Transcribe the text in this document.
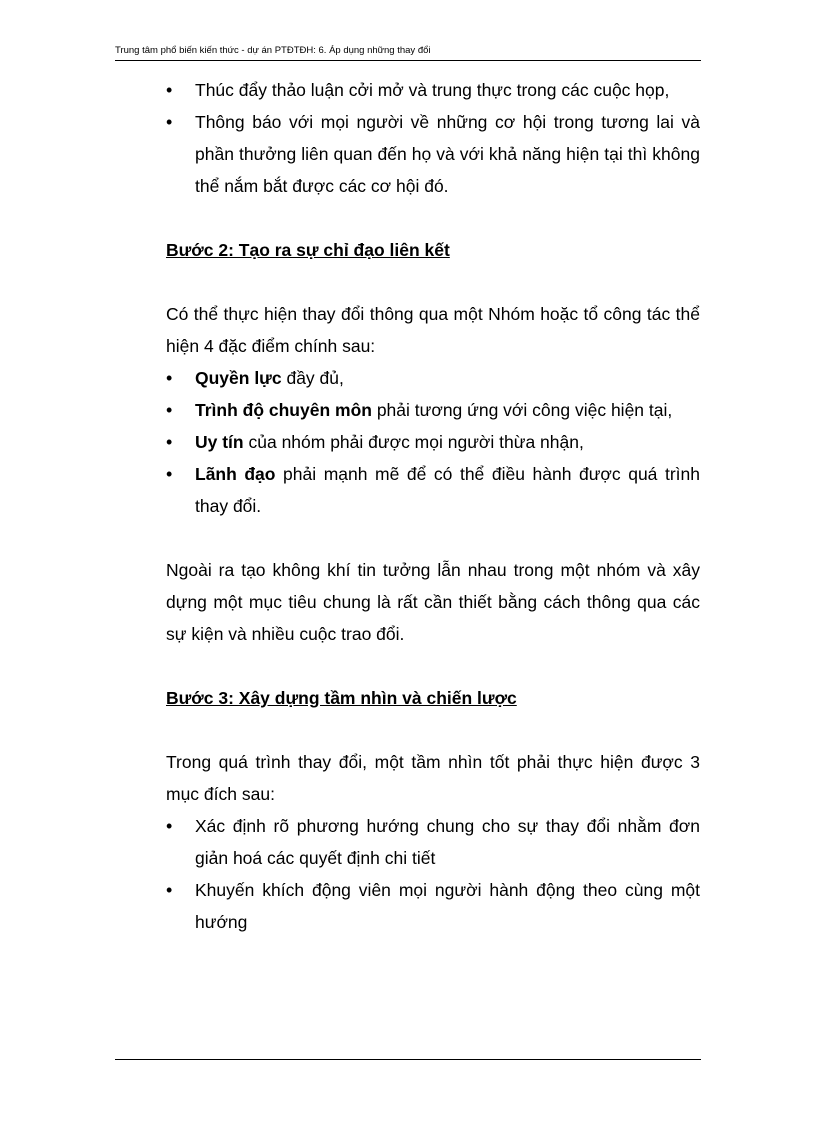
Trung tâm phổ biến kiến thức - dự án PTĐTĐH: 6. Áp dụng những thay đổi
• Thúc đẩy thảo luận cởi mở và trung thực trong các cuộc họp,
• Thông báo với mọi người về những cơ hội trong tương lai và phần thưởng liên quan đến họ và với khả năng hiện tại thì không thể nắm bắt được các cơ hội đó.

Bước 2: Tạo ra sự chỉ đạo liên kết

Có thể thực hiện thay đổi thông qua một Nhóm hoặc tổ công tác thể hiện 4 đặc điểm chính sau:

• Quyền lực đầy đủ,
• Trình độ chuyên môn phải tương ứng với công việc hiện tại,
• Uy tín của nhóm phải được mọi người thừa nhận,
• Lãnh đạo phải mạnh mẽ để có thể điều hành được quá trình thay đổi.

Ngoài ra tạo không khí tin tưởng lẫn nhau trong một nhóm và xây dựng một mục tiêu chung là rất cần thiết bằng cách thông qua các sự kiện và nhiều cuộc trao đổi.

Bước 3: Xây dựng tầm nhìn và chiến lược

Trong quá trình thay đổi, một tầm nhìn tốt phải thực hiện được 3 mục đích sau:

• Xác định rõ phương hướng chung cho sự thay đổi nhằm đơn giản hoá các quyết định chi tiết
• Khuyến khích động viên mọi người hành động theo cùng một hướng
